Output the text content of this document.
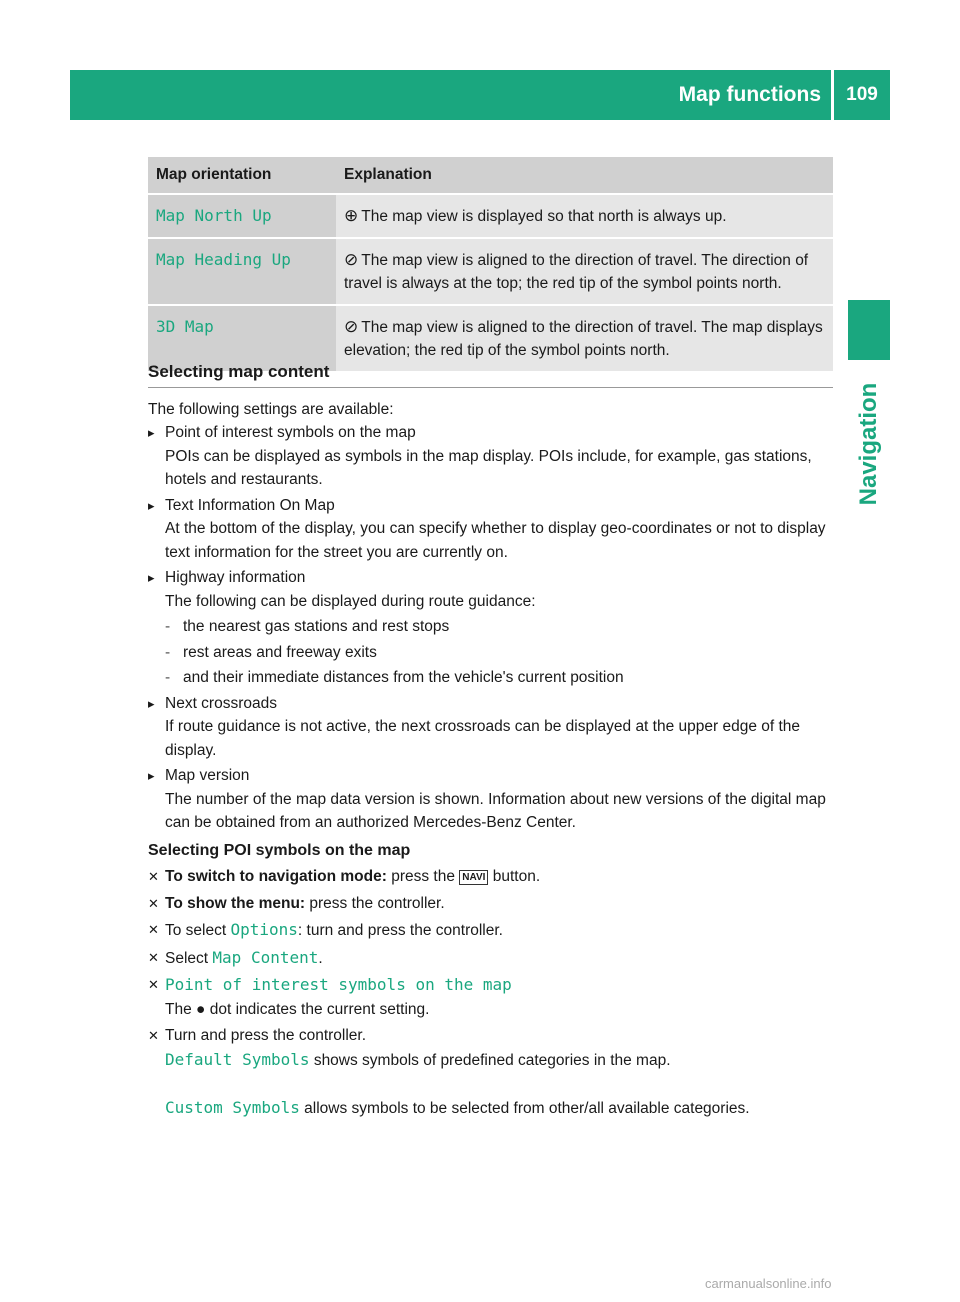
Map functions	109
Navigation
Map orientation	Explanation
Map North Up	⊕ The map view is displayed so that north is always up.
Map Heading Up	⊘ The map view is aligned to the direction of travel. The direction of travel is always at the top; the red tip of the symbol points north.
3D Map	⊘ The map view is aligned to the direction of travel. The map displays elevation; the red tip of the symbol points north.
Selecting map content

The following settings are available:

▸ Point of interest symbols on the map

POIs can be displayed as symbols in the map display. POIs include, for example, gas stations, hotels and restaurants.

▸ Text Information On Map

At the bottom of the display, you can specify whether to display geo-coordinates or not to display text information for the street you are currently on.

▸ Highway information

The following can be displayed during route guidance:

- the nearest gas stations and rest stops
- rest areas and freeway exits
- and their immediate distances from the vehicle's current position
▸ Next crossroads

If route guidance is not active, the next crossroads can be displayed at the upper edge of the display.

▸ Map version

The number of the map data version is shown. Information about new versions of the digital map can be obtained from an authorized Mercedes-Benz Center.

Selecting POI symbols on the map
✕ To switch to navigation mode: press the NAVI button.
✕ To show the menu: press the controller.
✕ To select Options: turn and press the controller.
✕ Select Map Content.
✕ Point of interest symbols on the map
The ● dot indicates the current setting.
✕ Turn and press the controller.
Default Symbols shows symbols of predefined categories in the map.

Custom Symbols allows symbols to be selected from other/all available categories.
carmanualsonline.info
